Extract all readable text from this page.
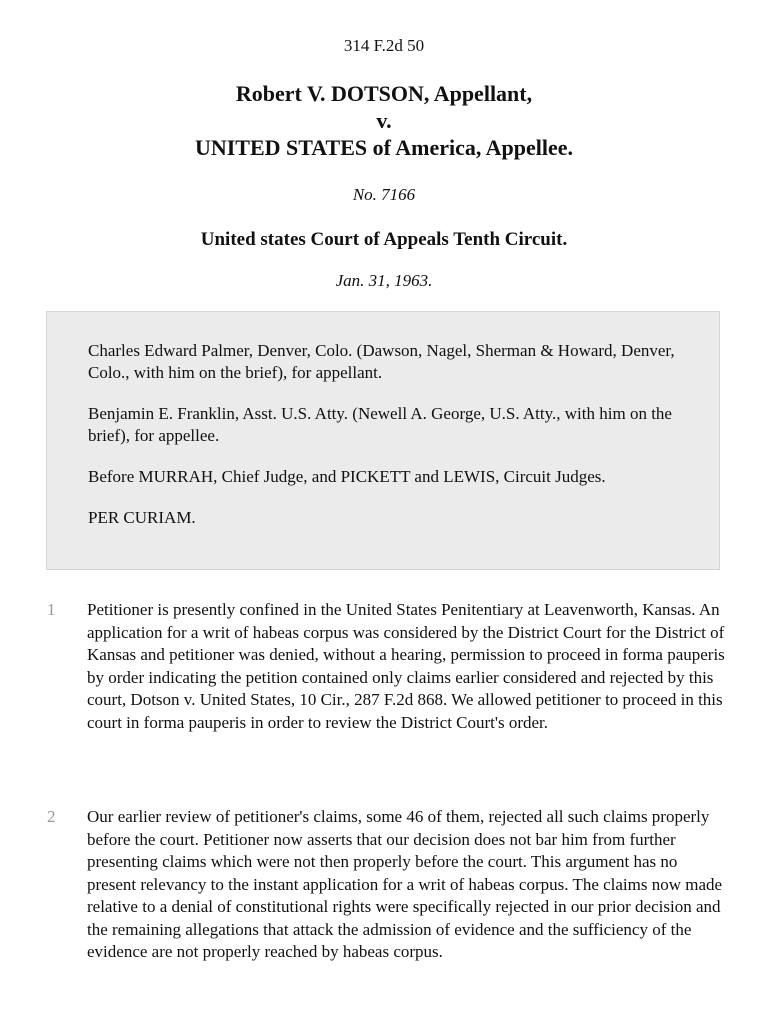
314 F.2d 50
Robert V. DOTSON, Appellant,
v.
UNITED STATES of America, Appellee.
No. 7166
United states Court of Appeals Tenth Circuit.
Jan. 31, 1963.

Charles Edward Palmer, Denver, Colo. (Dawson, Nagel, Sherman & Howard, Denver, Colo., with him on the brief), for appellant.

Benjamin E. Franklin, Asst. U.S. Atty. (Newell A. George, U.S. Atty., with him on the brief), for appellee.

Before MURRAH, Chief Judge, and PICKETT and LEWIS, Circuit Judges.

PER CURIAM.

1 Petitioner is presently confined in the United States Penitentiary at Leavenworth, Kansas. An application for a writ of habeas corpus was considered by the District Court for the District of Kansas and petitioner was denied, without a hearing, permission to proceed in forma pauperis by order indicating the petition contained only claims earlier considered and rejected by this court, Dotson v. United States, 10 Cir., 287 F.2d 868. We allowed petitioner to proceed in this court in forma pauperis in order to review the District Court's order.
2 Our earlier review of petitioner's claims, some 46 of them, rejected all such claims properly before the court. Petitioner now asserts that our decision does not bar him from further presenting claims which were not then properly before the court. This argument has no present relevancy to the instant application for a writ of habeas corpus. The claims now made relative to a denial of constitutional rights were specifically rejected in our prior decision and the remaining allegations that attack the admission of evidence and the sufficiency of the evidence are not properly reached by habeas corpus.
